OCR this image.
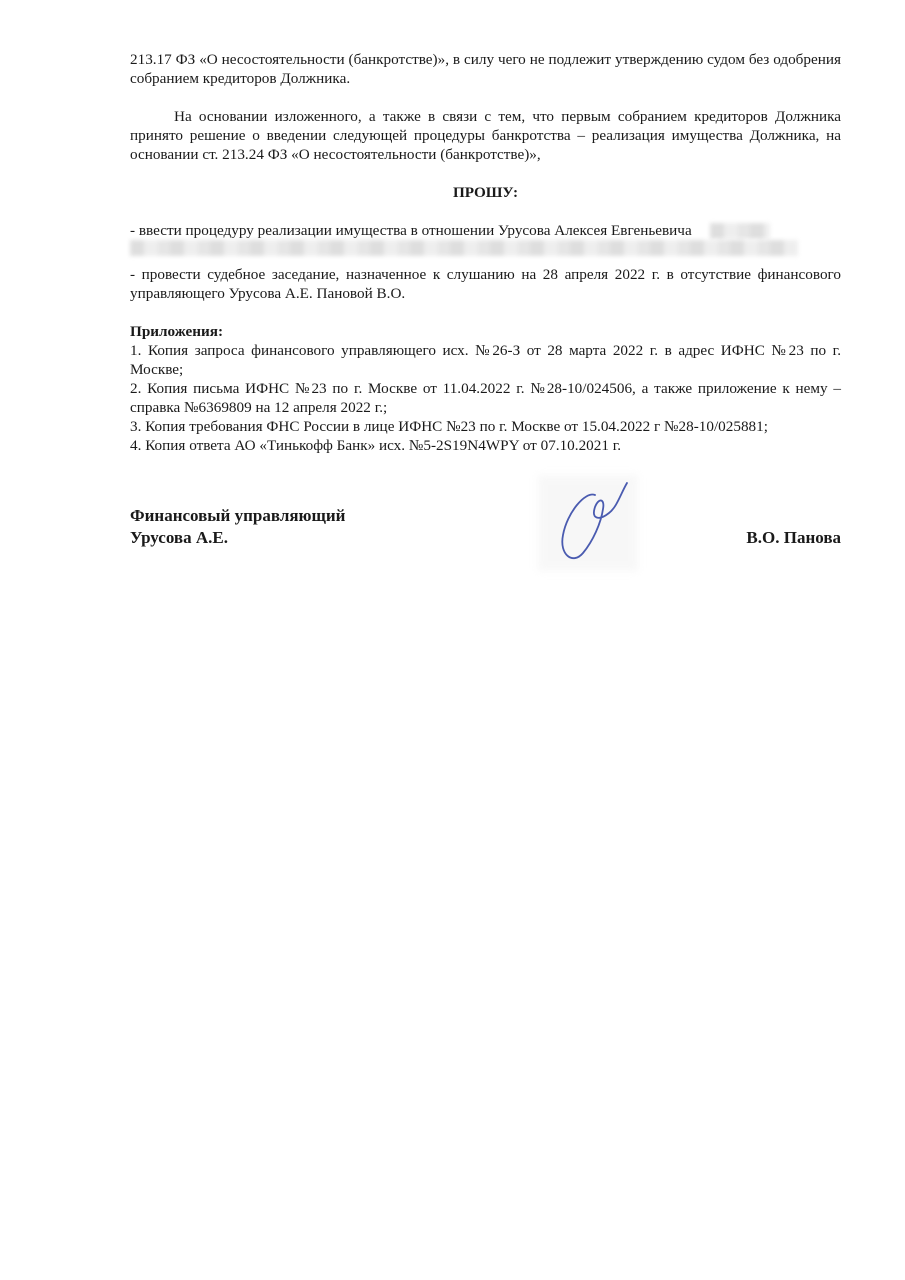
213.17 ФЗ «О несостоятельности (банкротстве)», в силу чего не подлежит утверждению судом без одобрения собранием кредиторов Должника.

На основании изложенного, а также в связи с тем, что первым собранием кредиторов Должника принято решение о введении следующей процедуры банкротства – реализация имущества Должника, на основании ст. 213.24 ФЗ «О несостоятельности (банкротстве)»,

ПРОШУ:

- ввести процедуру реализации имущества в отношении Урусова Алексея Евгеньевича

- провести судебное заседание, назначенное к слушанию на 28 апреля 2022 г. в отсутствие финансового управляющего Урусова А.Е. Пановой В.О.

Приложения:

1. Копия запроса финансового управляющего исх. №26-З от 28 марта 2022 г. в адрес ИФНС №23 по г. Москве;

2. Копия письма ИФНС №23 по г. Москве от 11.04.2022 г. №28-10/024506, а также приложение к нему – справка №6369809 на 12 апреля 2022 г.;

3. Копия требования ФНС России в лице ИФНС №23 по г. Москве от 15.04.2022 г №28-10/025881;

4. Копия ответа АО «Тинькофф Банк» исх. №5-2S19N4WPY от 07.10.2021 г.

Финансовый управляющий
Урусова А.Е.	В.О. Панова
